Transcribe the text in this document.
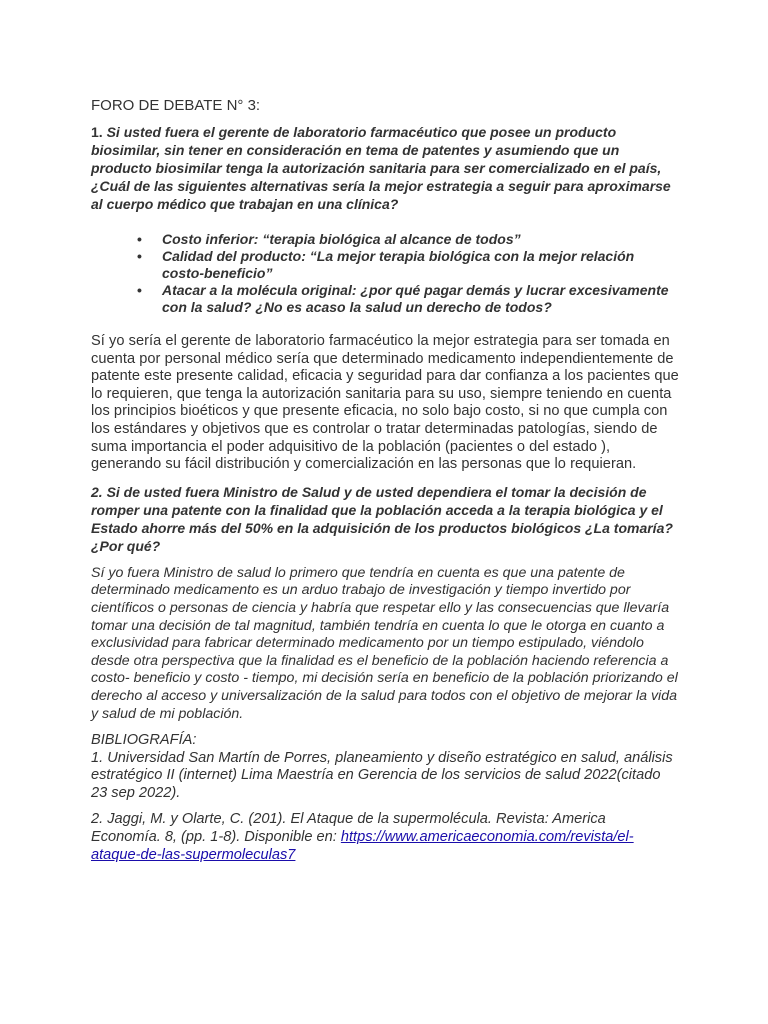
FORO DE DEBATE N° 3:

1. Si usted fuera el gerente de laboratorio farmacéutico que posee un producto biosimilar, sin tener en consideración en tema de patentes y asumiendo que un producto biosimilar tenga la autorización sanitaria para ser comercializado en el país, ¿Cuál de las siguientes alternativas sería la mejor estrategia a seguir para aproximarse al cuerpo médico que trabajan en una clínica?

• Costo inferior: “terapia biológica al alcance de todos”
• Calidad del producto: “La mejor terapia biológica con la mejor relación costo-beneficio”
• Atacar a la molécula original: ¿por qué pagar demás y lucrar excesivamente con la salud? ¿No es acaso la salud un derecho de todos?

Sí yo sería el gerente de laboratorio farmacéutico la mejor estrategia para ser tomada en cuenta por personal médico sería que determinado medicamento independientemente de patente este presente calidad, eficacia y seguridad para dar confianza a los pacientes que lo requieren, que tenga la autorización sanitaria para su uso, siempre teniendo en cuenta los principios bioéticos y que presente eficacia, no solo bajo costo, si no que cumpla con los estándares y objetivos que es controlar o tratar determinadas patologías, siendo de suma importancia el poder adquisitivo de la población (pacientes o del estado ), generando su fácil distribución y comercialización en las personas que lo requieran.

2. Si de usted fuera Ministro de Salud y de usted dependiera el tomar la decisión de romper una patente con la finalidad que la población acceda a la terapia biológica y el Estado ahorre más del 50% en la adquisición de los productos biológicos ¿La tomaría? ¿Por qué?

Sí yo fuera Ministro de salud lo primero que tendría en cuenta es que una patente de determinado medicamento es un arduo trabajo de investigación y tiempo invertido por científicos o personas de ciencia y habría que respetar ello y las consecuencias que llevaría tomar una decisión de tal magnitud, también tendría en cuenta lo que le otorga en cuanto a exclusividad para fabricar determinado medicamento por un tiempo estipulado, viéndolo desde otra perspectiva que la finalidad es el beneficio de la población haciendo referencia a costo- beneficio y costo - tiempo, mi decisión sería en beneficio de la población priorizando el derecho al acceso y universalización de la salud para todos con el objetivo de mejorar la vida y salud de mi población.

BIBLIOGRAFÍA:

1. Universidad San Martín de Porres, planeamiento y diseño estratégico en salud, análisis estratégico II (internet) Lima Maestría en Gerencia de los servicios de salud 2022(citado 23 sep 2022).

2. Jaggi, M. y Olarte, C. (201). El Ataque de la supermolécula. Revista: America Economía. 8, (pp. 1-8). Disponible en: https://www.americaeconomia.com/revista/el-ataque-de-las-supermoleculas7
